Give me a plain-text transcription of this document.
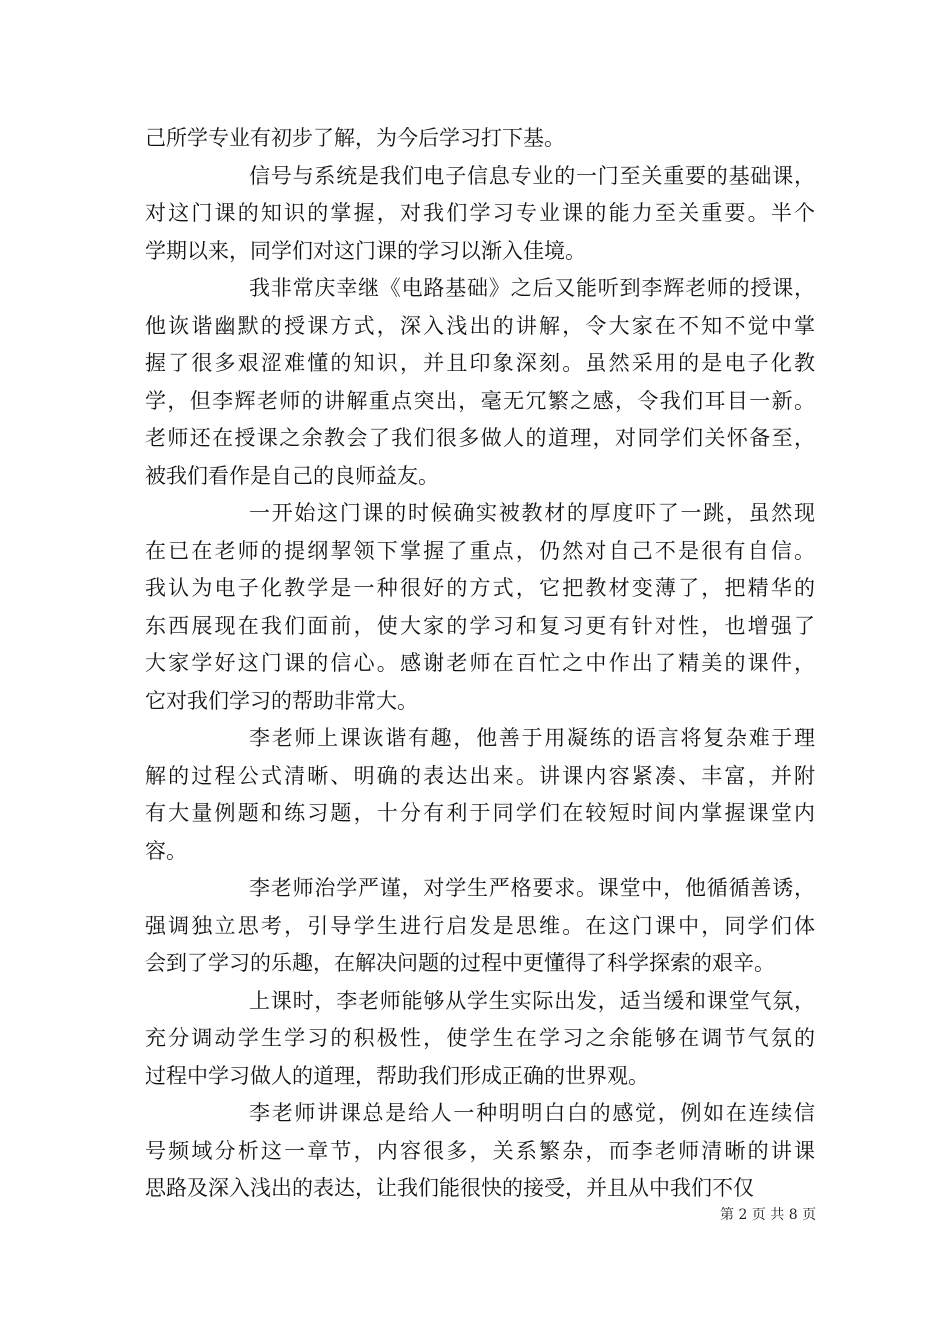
己所学专业有初步了解，为今后学习打下基。

信号与系统是我们电子信息专业的一门至关重要的基础课，
对这门课的知识的掌握，对我们学习专业课的能力至关重要。半个
学期以来，同学们对这门课的学习以渐入佳境。

我非常庆幸继《电路基础》之后又能听到李辉老师的授课，
他诙谐幽默的授课方式，深入浅出的讲解，令大家在不知不觉中掌
握了很多艰涩难懂的知识，并且印象深刻。虽然采用的是电子化教
学，但李辉老师的讲解重点突出，毫无冗繁之感，令我们耳目一新。
老师还在授课之余教会了我们很多做人的道理，对同学们关怀备至，
被我们看作是自己的良师益友。

一开始这门课的时候确实被教材的厚度吓了一跳，虽然现
在已在老师的提纲挈领下掌握了重点，仍然对自己不是很有自信。
我认为电子化教学是一种很好的方式，它把教材变薄了，把精华的
东西展现在我们面前，使大家的学习和复习更有针对性，也增强了
大家学好这门课的信心。感谢老师在百忙之中作出了精美的课件，
它对我们学习的帮助非常大。

李老师上课诙谐有趣，他善于用凝练的语言将复杂难于理
解的过程公式清晰、明确的表达出来。讲课内容紧凑、丰富，并附
有大量例题和练习题，十分有利于同学们在较短时间内掌握课堂内
容。

李老师治学严谨，对学生严格要求。课堂中，他循循善诱，
强调独立思考，引导学生进行启发是思维。在这门课中，同学们体
会到了学习的乐趣，在解决问题的过程中更懂得了科学探索的艰辛。

上课时，李老师能够从学生实际出发，适当缓和课堂气氛，
充分调动学生学习的积极性，使学生在学习之余能够在调节气氛的
过程中学习做人的道理，帮助我们形成正确的世界观。

李老师讲课总是给人一种明明白白的感觉，例如在连续信
号频域分析这一章节，内容很多，关系繁杂，而李老师清晰的讲课
思路及深入浅出的表达，让我们能很快的接受，并且从中我们不仅

第 2 页 共 8 页
